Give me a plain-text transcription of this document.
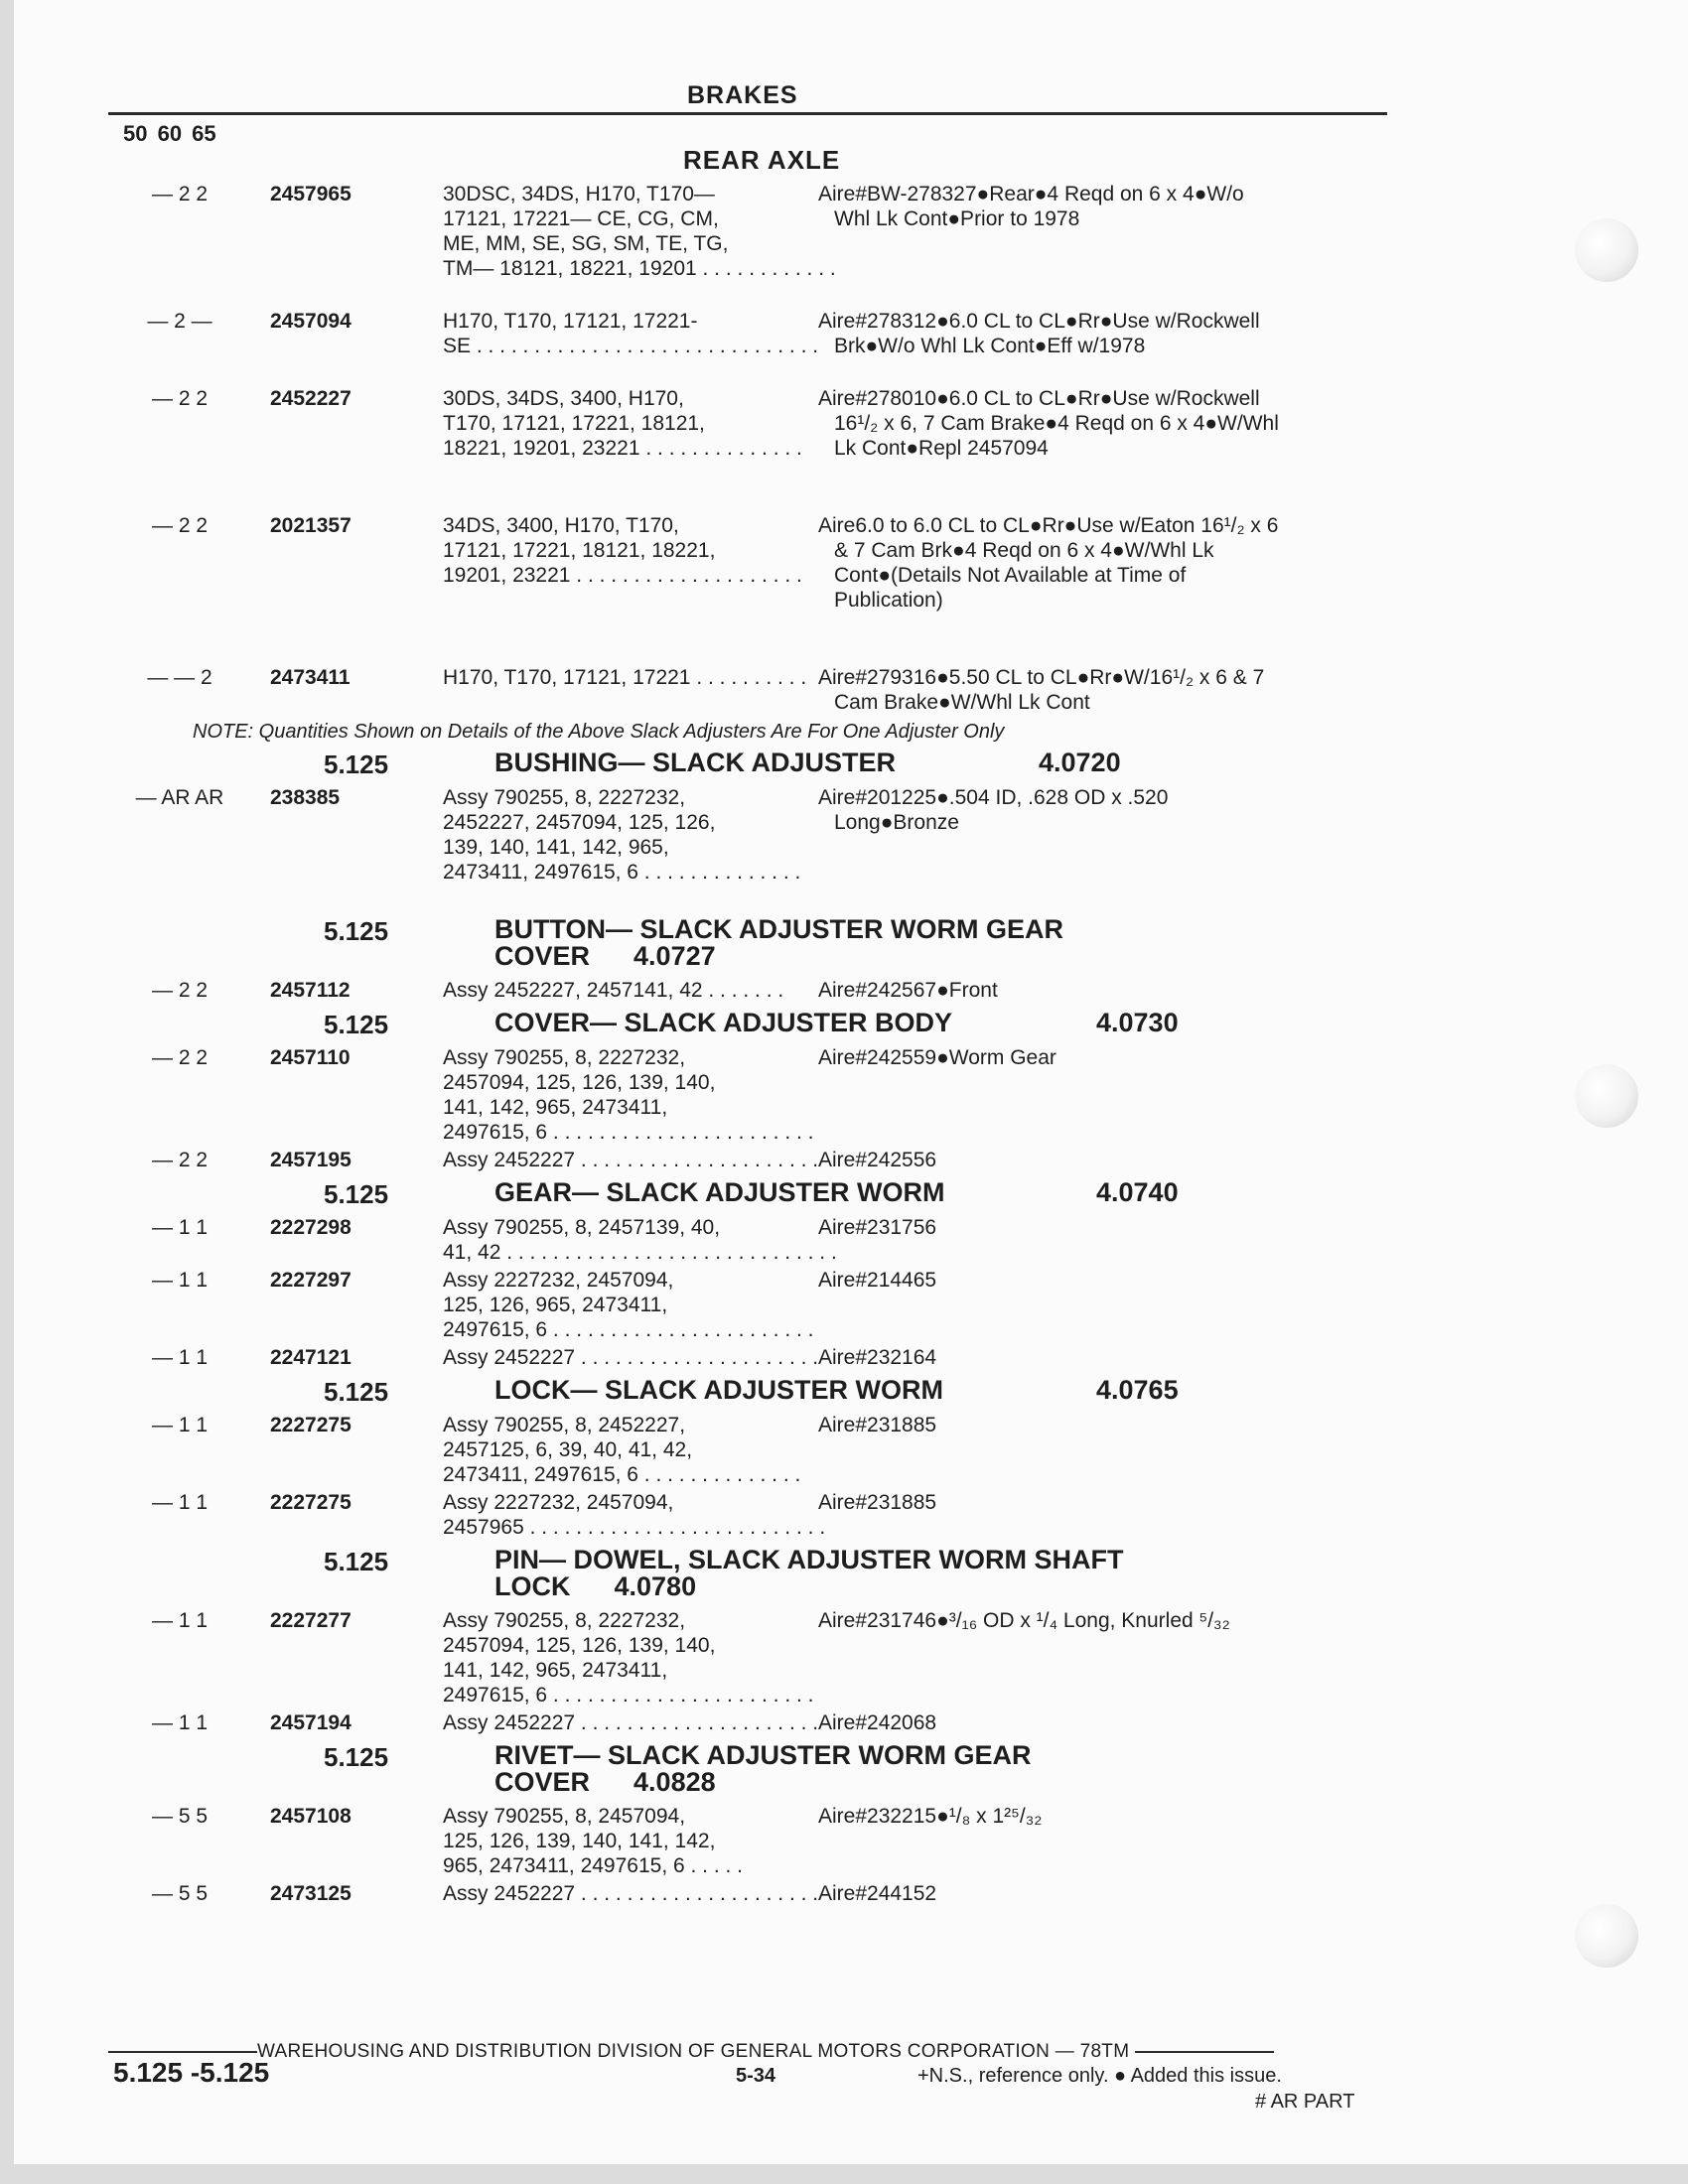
BRAKES
50 60 65
REAR AXLE
— 2 2	2457965	30DSC, 34DS, H170, T170—
17121, 17221— CE, CG, CM,
ME, MM, SE, SG, SM, TE, TG,
TM— 18121, 18221, 19201 . . . . . . . . . . . .
Aire#BW-278327●Rear●4 Reqd on 6 x 4●W/o
Whl Lk Cont●Prior to 1978
— 2 —	2457094	H170, T170, 17121, 17221-
SE . . . . . . . . . . . . . . . . . . . . . . . . . . . . . .
Aire#278312●6.0 CL to CL●Rr●Use w/Rockwell
Brk●W/o Whl Lk Cont●Eff w/1978
— 2 2	2452227	30DS, 34DS, 3400, H170,
T170, 17121, 17221, 18121,
18221, 19201, 23221 . . . . . . . . . . . . . .
Aire#278010●6.0 CL to CL●Rr●Use w/Rockwell
16¹/₂ x 6, 7 Cam Brake●4 Reqd on 6 x 4●W/Whl
Lk Cont●Repl 2457094
— 2 2	2021357	34DS, 3400, H170, T170,
17121, 17221, 18121, 18221,
19201, 23221 . . . . . . . . . . . . . . . . . . . .
Aire6.0 to 6.0 CL to CL●Rr●Use w/Eaton 16¹/₂ x 6
& 7 Cam Brk●4 Reqd on 6 x 4●W/Whl Lk
Cont●(Details Not Available at Time of
Publication)
— — 2	2473411	H170, T170, 17121, 17221 . . . . . . . . . . Aire#279316●5.50 CL to CL●Rr●W/16¹/₂ x 6 & 7
Cam Brake●W/Whl Lk Cont
NOTE: Quantities Shown on Details of the Above Slack Adjusters Are For One Adjuster Only
5.125	BUSHING— SLACK ADJUSTER	4.0720
— AR AR	238385	Assy 790255, 8, 2227232,
2452227, 2457094, 125, 126,
139, 140, 141, 142, 965,
2473411, 2497615, 6 . . . . . . . . . . . . . .
Aire#201225●.504 ID, .628 OD x .520
Long●Bronze
5.125	BUTTON— SLACK ADJUSTER WORM GEAR
COVER 4.0727
— 2 2	2457112	Assy 2452227, 2457141, 42 . . . . . . .	Aire#242567●Front
5.125	COVER— SLACK ADJUSTER BODY	4.0730
— 2 2	2457110	Assy 790255, 8, 2227232,
2457094, 125, 126, 139, 140,
141, 142, 965, 2473411,
2497615, 6 . . . . . . . . . . . . . . . . . . . . . . .
Aire#242559●Worm Gear
— 2 2	2457195	Assy 2452227 . . . . . . . . . . . . . . . . . . . . . Aire#242556
5.125	GEAR— SLACK ADJUSTER WORM	4.0740
— 1 1	2227298	Assy 790255, 8, 2457139, 40,
41, 42 . . . . . . . . . . . . . . . . . . . . . . . . . . . . .
Aire#231756
— 1 1	2227297	Assy 2227232, 2457094,
125, 126, 965, 2473411,
2497615, 6 . . . . . . . . . . . . . . . . . . . . . . .
Aire#214465
— 1 1	2247121	Assy 2452227 . . . . . . . . . . . . . . . . . . . . . Aire#232164
5.125	LOCK— SLACK ADJUSTER WORM	4.0765
— 1 1	2227275	Assy 790255, 8, 2452227,
2457125, 6, 39, 40, 41, 42,
2473411, 2497615, 6 . . . . . . . . . . . . . .
Aire#231885
— 1 1	2227275	Assy 2227232, 2457094,
2457965 . . . . . . . . . . . . . . . . . . . . . . . . . .
Aire#231885
5.125	PIN— DOWEL, SLACK ADJUSTER WORM SHAFT
LOCK 4.0780
— 1 1	2227277	Assy 790255, 8, 2227232,
2457094, 125, 126, 139, 140,
141, 142, 965, 2473411,
2497615, 6 . . . . . . . . . . . . . . . . . . . . . . .
Aire#231746●³/₁₆ OD x ¹/₄ Long, Knurled ⁵/₃₂
— 1 1	2457194	Assy 2452227 . . . . . . . . . . . . . . . . . . . . . Aire#242068
5.125	RIVET— SLACK ADJUSTER WORM GEAR
COVER 4.0828
— 5 5	2457108	Assy 790255, 8, 2457094,
125, 126, 139, 140, 141, 142,
965, 2473411, 2497615, 6 . . . . .
Aire#232215●¹/₈ x 1²⁵/₃₂
— 5 5	2473125	Assy 2452227 . . . . . . . . . . . . . . . . . . . . . Aire#244152
WAREHOUSING AND DISTRIBUTION DIVISION OF GENERAL MOTORS CORPORATION — 78TM
5.125 -5.125	5-34	+N.S., reference only. ● Added this issue.
# AR PART
